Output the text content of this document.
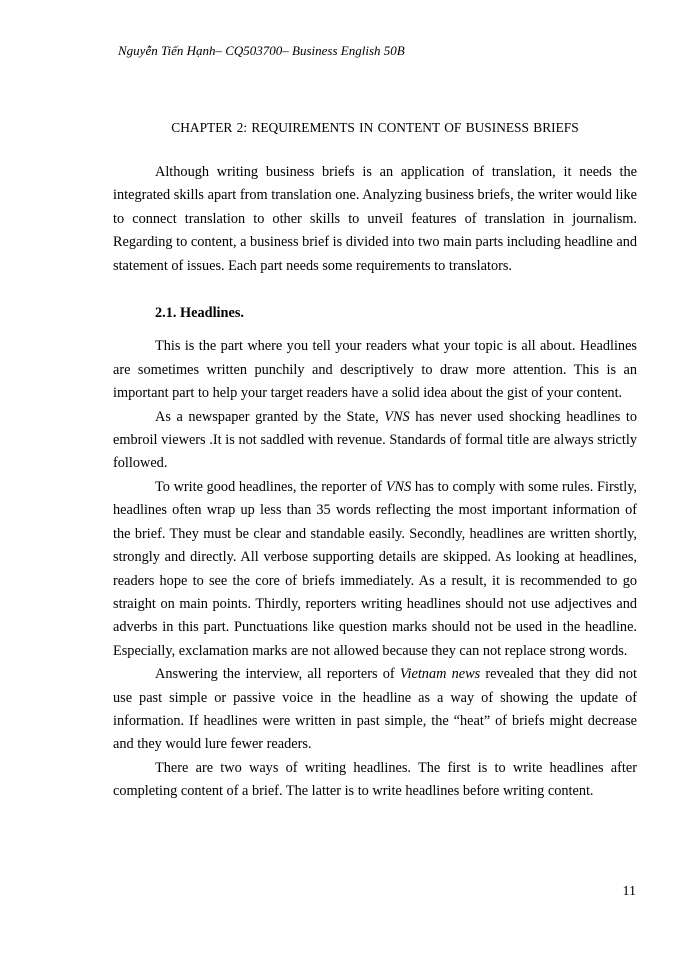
Nguyễn Tiến Hạnh– CQ503700– Business English 50B
CHAPTER 2: REQUIREMENTS IN CONTENT OF BUSINESS BRIEFS

Although writing business briefs is an application of translation, it needs the integrated skills apart from translation one. Analyzing business briefs, the writer would like to connect translation to other skills to unveil features of translation in journalism. Regarding to content, a business brief is divided into two main parts including headline and statement of issues. Each part needs some requirements to translators.

2.1. Headlines.

This is the part where you tell your readers what your topic is all about. Headlines are sometimes written punchily and descriptively to draw more attention. This is an important part to help your target readers have a solid idea about the gist of your content.

As a newspaper granted by the State, VNS has never used shocking headlines to embroil viewers .It is not saddled with revenue. Standards of formal title are always strictly followed.

To write good headlines, the reporter of VNS has to comply with some rules. Firstly, headlines often wrap up less than 35 words reflecting the most important information of the brief. They must be clear and standable easily. Secondly, headlines are written shortly, strongly and directly. All verbose supporting details are skipped. As looking at headlines, readers hope to see the core of briefs immediately. As a result, it is recommended to go straight on main points. Thirdly, reporters writing headlines should not use adjectives and adverbs in this part. Punctuations like question marks should not be used in the headline. Especially, exclamation marks are not allowed because they can not replace strong words.

Answering the interview, all reporters of Vietnam news revealed that they did not use past simple or passive voice in the headline as a way of showing the update of information. If headlines were written in past simple, the “heat” of briefs might decrease and they would lure fewer readers.

There are two ways of writing headlines. The first is to write headlines after completing content of a brief. The latter is to write headlines before writing content.

11
